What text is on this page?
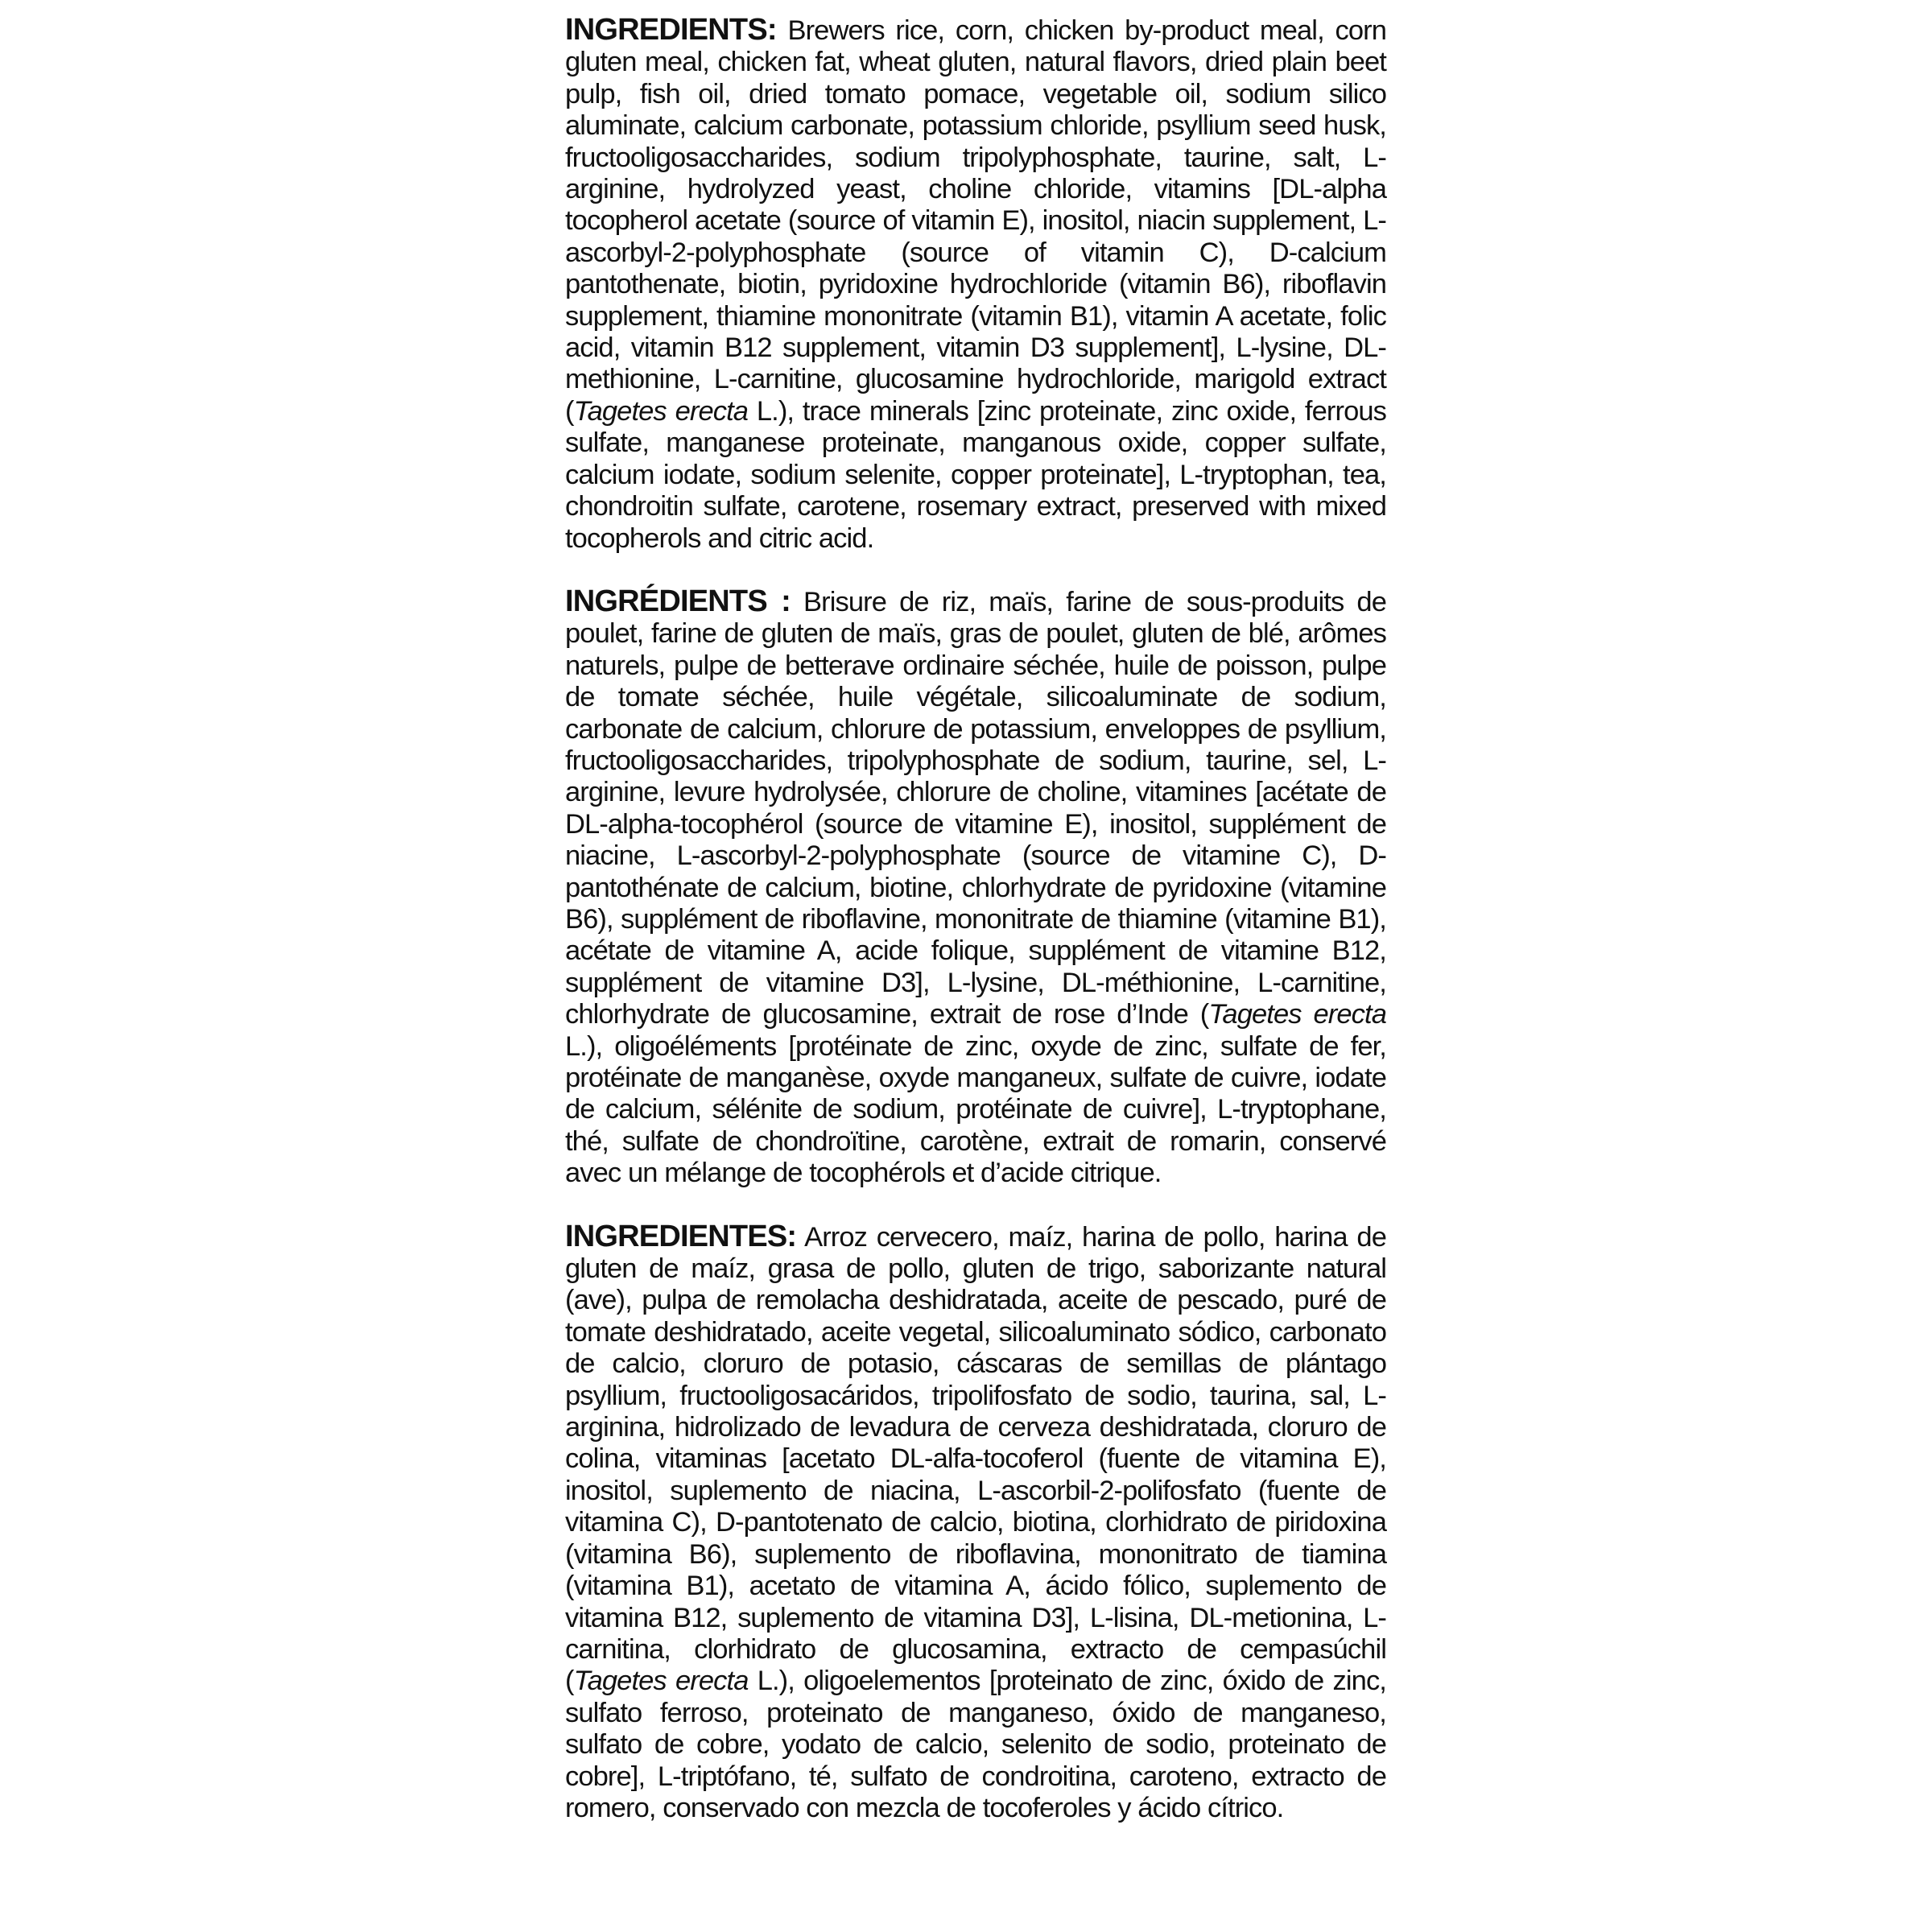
INGREDIENTS: Brewers rice, corn, chicken by-product meal, corn gluten meal, chicken fat, wheat gluten, natural flavors, dried plain beet pulp, fish oil, dried tomato pomace, vegetable oil, sodium silico aluminate, calcium carbonate, potassium chloride, psyllium seed husk, fructooligosaccharides, sodium tripolyphosphate, taurine, salt, L-arginine, hydrolyzed yeast, choline chloride, vitamins [DL-alpha tocopherol acetate (source of vitamin E), inositol, niacin supplement, L-ascorbyl-2-polyphosphate (source of vitamin C), D-calcium pantothenate, biotin, pyridoxine hydrochloride (vitamin B6), riboflavin supplement, thiamine mononitrate (vitamin B1), vitamin A acetate, folic acid, vitamin B12 supplement, vitamin D3 supplement], L-lysine, DL-methionine, L-carnitine, glucosamine hydrochloride, marigold extract (Tagetes erecta L.), trace minerals [zinc proteinate, zinc oxide, ferrous sulfate, manganese proteinate, manganous oxide, copper sulfate, calcium iodate, sodium selenite, copper proteinate], L-tryptophan, tea, chondroitin sulfate, carotene, rosemary extract, preserved with mixed tocopherols and citric acid.

INGRÉDIENTS : Brisure de riz, maïs, farine de sous-produits de poulet, farine de gluten de maïs, gras de poulet, gluten de blé, arômes naturels, pulpe de betterave ordinaire séchée, huile de poisson, pulpe de tomate séchée, huile végétale, silicoaluminate de sodium, carbonate de calcium, chlorure de potassium, enveloppes de psyllium, fructooligosaccharides, tripolyphosphate de sodium, taurine, sel, L-arginine, levure hydrolysée, chlorure de choline, vitamines [acétate de DL-alpha-tocophérol (source de vitamine E), inositol, supplément de niacine, L-ascorbyl-2-polyphosphate (source de vitamine C), D-pantothénate de calcium, biotine, chlorhydrate de pyridoxine (vitamine B6), supplément de riboflavine, mononitrate de thiamine (vitamine B1), acétate de vitamine A, acide folique, supplément de vitamine B12, supplément de vitamine D3], L-lysine, DL-méthionine, L-carnitine, chlorhydrate de glucosamine, extrait de rose d’Inde (Tagetes erecta L.), oligoéléments [protéinate de zinc, oxyde de zinc, sulfate de fer, protéinate de manganèse, oxyde manganeux, sulfate de cuivre, iodate de calcium, sélénite de sodium, protéinate de cuivre], L-tryptophane, thé, sulfate de chondroïtine, carotène, extrait de romarin, conservé avec un mélange de tocophérols et d’acide citrique.

INGREDIENTES: Arroz cervecero, maíz, harina de pollo, harina de gluten de maíz, grasa de pollo, gluten de trigo, saborizante natural (ave), pulpa de remolacha deshidratada, aceite de pescado, puré de tomate deshidratado, aceite vegetal, silicoaluminato sódico, carbonato de calcio, cloruro de potasio, cáscaras de semillas de plántago psyllium, fructooligosacáridos, tripolifosfato de sodio, taurina, sal, L-arginina, hidrolizado de levadura de cerveza deshidratada, cloruro de colina, vitaminas [acetato DL-alfa-tocoferol (fuente de vitamina E), inositol, suplemento de niacina, L-ascorbil-2-polifosfato (fuente de vitamina C), D-pantotenato de calcio, biotina, clorhidrato de piridoxina (vitamina B6), suplemento de riboflavina, mononitrato de tiamina (vitamina B1), acetato de vitamina A, ácido fólico, suplemento de vitamina B12, suplemento de vitamina D3], L-lisina, DL-metionina, L-carnitina, clorhidrato de glucosamina, extracto de cempasúchil (Tagetes erecta L.), oligoelementos [proteinato de zinc, óxido de zinc, sulfato ferroso, proteinato de manganeso, óxido de manganeso, sulfato de cobre, yodato de calcio, selenito de sodio, proteinato de cobre], L-triptófano, té, sulfato de condroitina, caroteno, extracto de romero, conservado con mezcla de tocoferoles y ácido cítrico.
